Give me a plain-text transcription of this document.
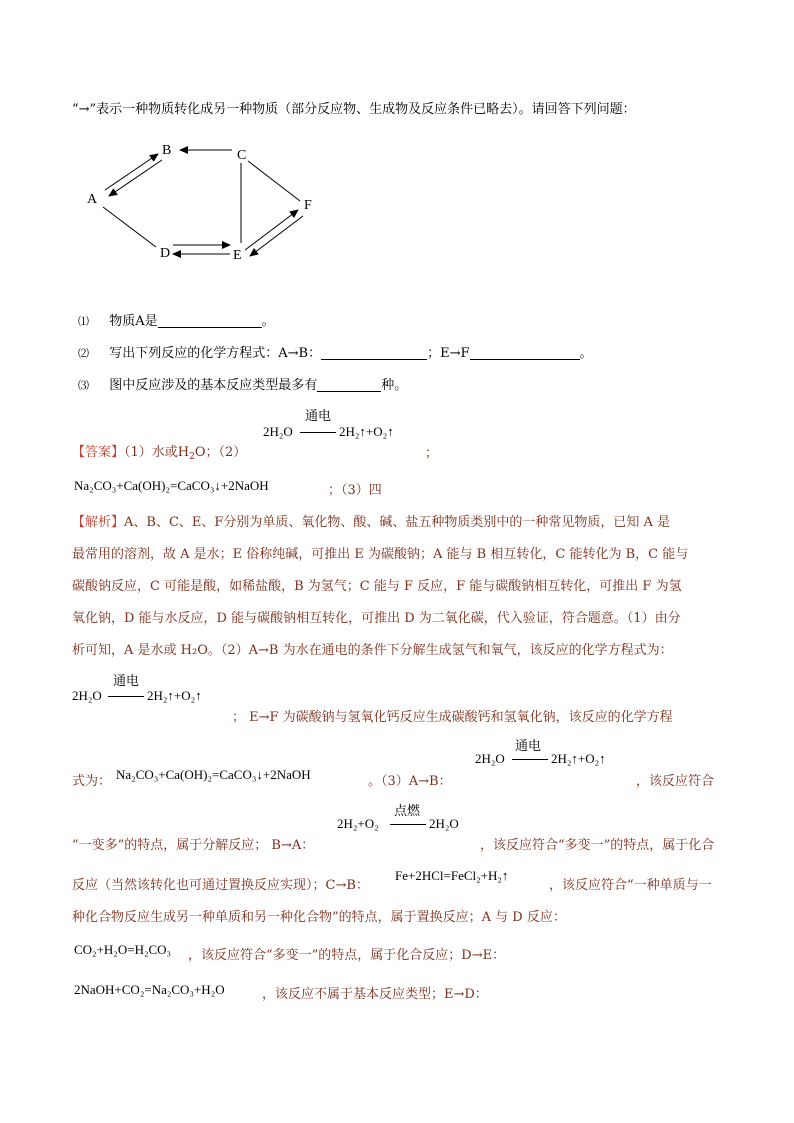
“→”表示一种物质转化成另一种物质（部分反应物、生成物及反应条件已略去）。请回答下列问题：
B	C
A	F
D	E
⑴ 物质A是	。
⑵ 写出下列反应的化学方程式：A→B：	；E→F	。
⑶ 图中反应涉及的基本反应类型最多有	种。
【答案】（1）水或$H_2O$；（2）
通电
2H₂O	2H₂↑+O₂↑
；
Na₂CO₃+Ca(OH)₂=CaCO₃↓+2NaOH	；（3）四
【解析】A、B、C、E、F分别为单质、氧化物、酸、碱、盐五种物质类别中的一种常见物质，已知 A 是
最常用的溶剂，故 A 是水；E 俗称纯碱，可推出 E 为碳酸钠；A 能与 B 相互转化，C 能转化为 B，C 能与
碳酸钠反应，C 可能是酸，如稀盐酸，B 为氢气；C 能与 F 反应，F 能与碳酸钠相互转化，可推出 F 为氢
氧化钠，D 能与水反应，D 能与碳酸钠相互转化，可推出 D 为二氧化碳，代入验证，符合题意。（1）由分
析可知，A 是水或 H₂O。（2）A→B 为水在通电的条件下分解生成氢气和氧气，该反应的化学方程式为：
通电
2H₂O	2H₂↑+O₂↑
； E→F 为碳酸钠与氢氧化钙反应生成碳酸钙和氢氧化钠，该反应的化学方程
式为： Na₂CO₃+Ca(OH)₂=CaCO₃↓+2NaOH	。（3）A→B：
通电
2H₂O	2H₂↑+O₂↑
，该反应符合
“一变多”的特点，属于分解反应； B→A：
点燃
2H₂+O₂	2H₂O
，该反应符合“多变一”的特点，属于化合
反应（当然该转化也可通过置换反应实现）；C→B：
Fe+2HCl=FeCl₂+H₂↑
，该反应符合“一种单质与一
种化合物反应生成另一种单质和另一种化合物”的特点，属于置换反应；A 与 D 反应：
CO₂+H₂O=H₂CO₃ ，该反应符合“多变一”的特点，属于化合反应；D→E：
2NaOH+CO₂=Na₂CO₃+H₂O	，该反应不属于基本反应类型；E→D：
